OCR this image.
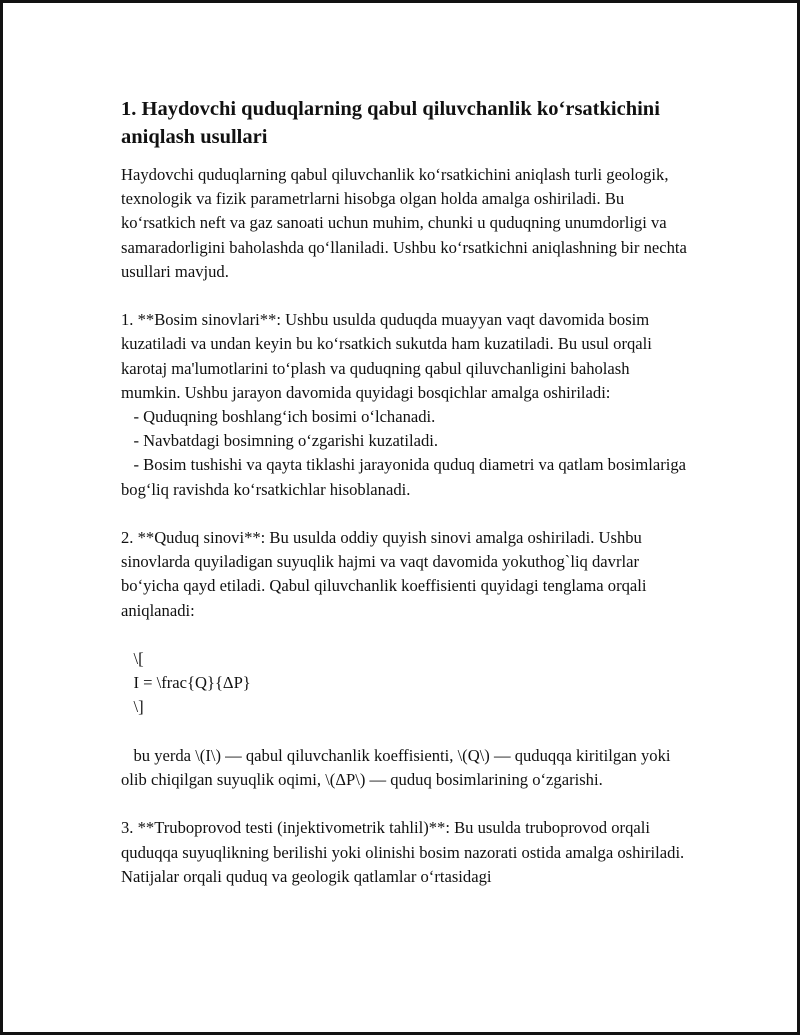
1. Haydovchi quduqlarning qabul qiluvchanlik ko‘rsatkichini aniqlash usullari

Haydovchi quduqlarning qabul qiluvchanlik ko‘rsatkichini aniqlash turli geologik, texnologik va fizik parametrlarni hisobga olgan holda amalga oshiriladi. Bu ko‘rsatkich neft va gaz sanoati uchun muhim, chunki u quduqning unumdorligi va samaradorligini baholashda qo‘llaniladi. Ushbu ko‘rsatkichni aniqlashning bir nechta usullari mavjud.

1. **Bosim sinovlari**: Ushbu usulda quduqda muayyan vaqt davomida bosim kuzatiladi va undan keyin bu ko‘rsatkich sukutda ham kuzatiladi. Bu usul orqali karotaj ma'lumotlarini to‘plash va quduqning qabul qiluvchanligini baholash mumkin. Ushbu jarayon davomida quyidagi bosqichlar amalga oshiriladi:

- Quduqning boshlang‘ich bosimi o‘lchanadi.

- Navbatdagi bosimning o‘zgarishi kuzatiladi.

- Bosim tushishi va qayta tiklashi jarayonida quduq diametri va qatlam bosimlariga bog‘liq ravishda ko‘rsatkichlar hisoblanadi.

2. **Quduq sinovi**: Bu usulda oddiy quyish sinovi amalga oshiriladi. Ushbu sinovlarda quyiladigan suyuqlik hajmi va vaqt davomida yokuthog`liq davrlar bo‘yicha qayd etiladi. Qabul qiluvchanlik koeffisienti quyidagi tenglama orqali aniqlanadi:

\[

I = \frac{Q}{ΔP}

\]

bu yerda \(I\) — qabul qiluvchanlik koeffisienti, \(Q\) — quduqqa kiritilgan yoki olib chiqilgan suyuqlik oqimi, \(ΔP\) — quduq bosimlarining o‘zgarishi.

3. **Truboprovod testi (injektivometrik tahlil)**: Bu usulda truboprovod orqali quduqqa suyuqlikning berilishi yoki olinishi bosim nazorati ostida amalga oshiriladi. Natijalar orqali quduq va geologik qatlamlar o‘rtasidagi
